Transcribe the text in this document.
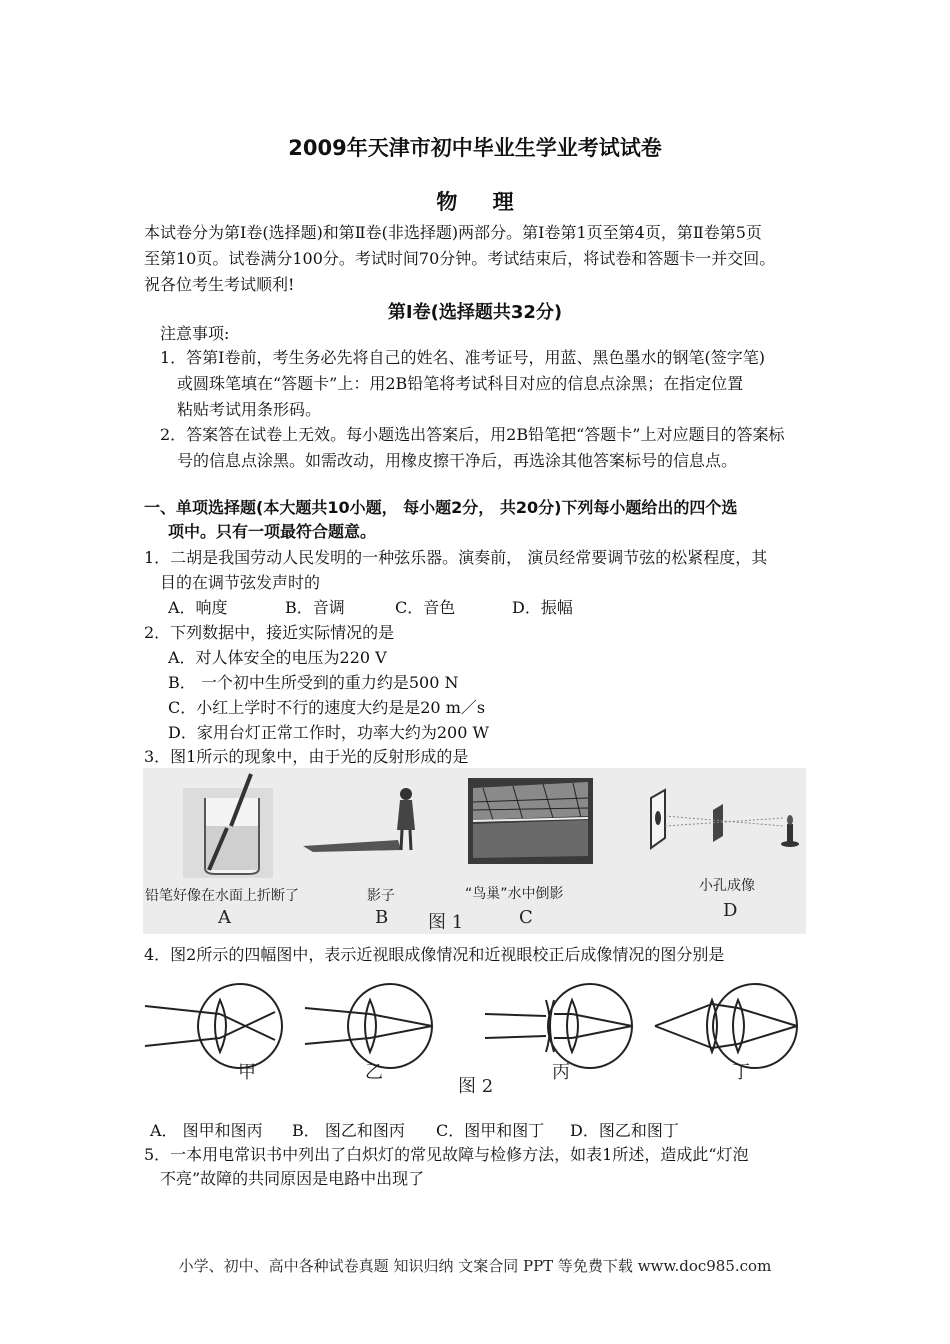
2009年天津市初中毕业生学业考试试卷
物 理
本试卷分为第Ⅰ卷(选择题)和第Ⅱ卷(非选择题)两部分。第Ⅰ卷第1页至第4页，第Ⅱ卷第5页
至第10页。试卷满分100分。考试时间70分钟。考试结束后，将试卷和答题卡一并交回。
祝各位考生考试顺利!
第Ⅰ卷(选择题共32分)
注意事项:
1．答第Ⅰ卷前，考生务必先将自己的姓名、准考证号，用蓝、黑色墨水的钢笔(签字笔)
或圆珠笔填在“答题卡”上：用2B铅笔将考试科目对应的信息点涂黑；在指定位置
粘贴考试用条形码。
2．答案答在试卷上无效。每小题选出答案后，用2B铅笔把“答题卡”上对应题目的答案标
号的信息点涂黑。如需改动，用橡皮擦干净后，再选涂其他答案标号的信息点。
一、单项选择题(本大题共10小题， 每小题2分， 共20分)下列每小题给出的四个选
项中。只有一项最符合题意。
1．二胡是我国劳动人民发明的一种弦乐器。演奏前， 演员经常要调节弦的松紧程度，其
目的在调节弦发声时的
A．响度	B．音调	C．音色	D．振幅
2．下列数据中，接近实际情况的是
A．对人体安全的电压为220 V
B． 一个初中生所受到的重力约是500 N
C．小红上学时不行的速度大约是是20 m／s
D．家用台灯正常工作时，功率大约为200 W
3．图1所示的现象中，由于光的反射形成的是
铅笔好像在水面上折断了	影子	“鸟巢”水中倒影	小孔成像
A	B	C	D
图 1
4．图2所示的四幅图中，表示近视眼成像情况和近视眼校正后成像情况的图分别是
甲	乙	丙	丁
图 2
A． 图甲和图丙 B． 图乙和图丙 C．图甲和图丁 D．图乙和图丁
5．一本用电常识书中列出了白炽灯的常见故障与检修方法，如表1所述，造成此“灯泡
不亮”故障的共同原因是电路中出现了
小学、初中、高中各种试卷真题 知识归纳 文案合同 PPT 等免费下载 www.doc985.com
